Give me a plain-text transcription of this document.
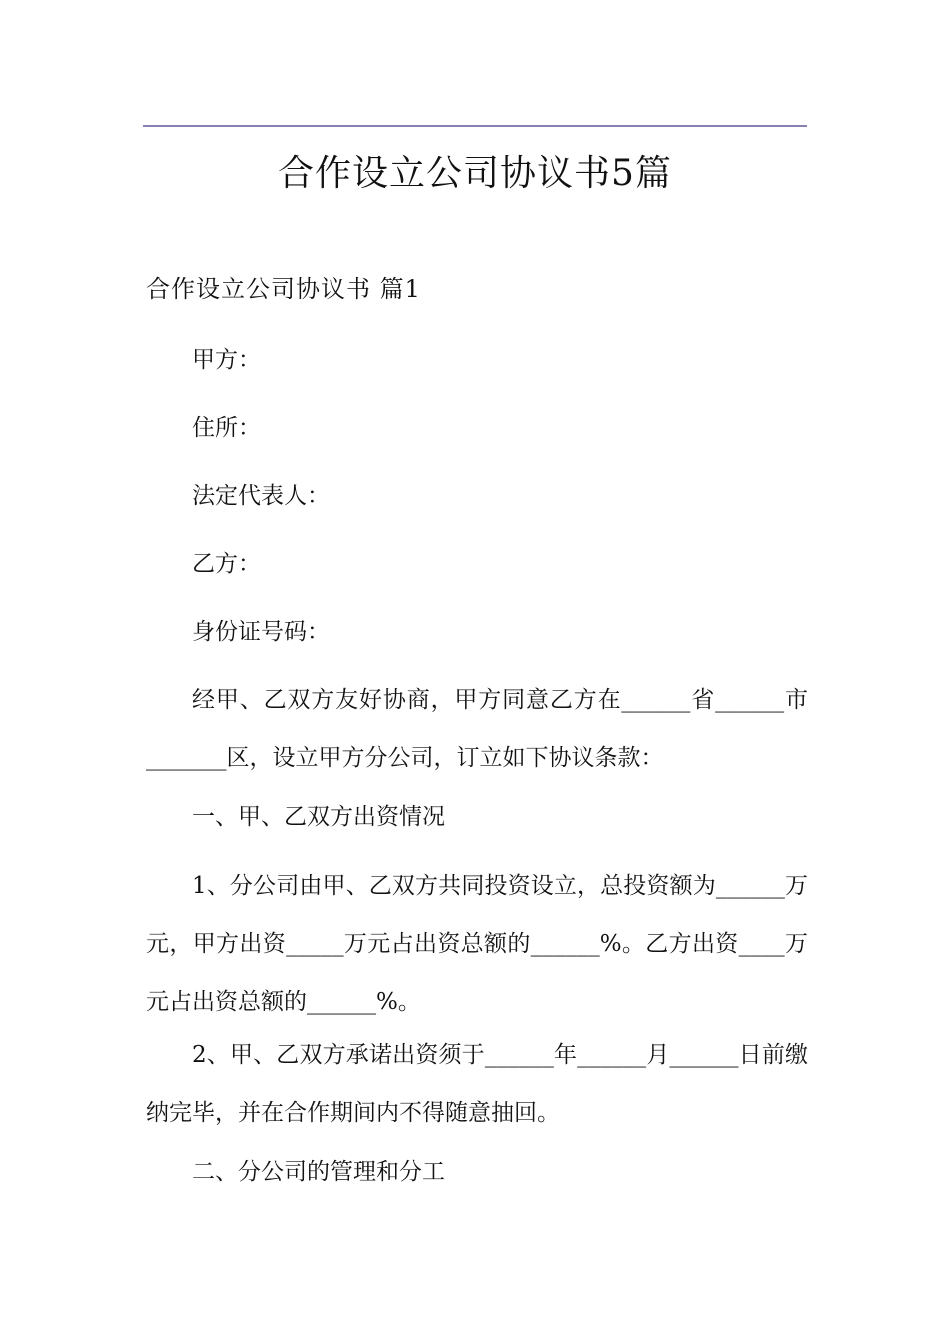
合作设立公司协议书5篇
合作设立公司协议书 篇1

甲方：

住所：

法定代表人：

乙方：

身份证号码：

经甲、乙双方友好协商，甲方同意乙方在______省______市_______区，设立甲方分公司，订立如下协议条款：

一、甲、乙双方出资情况

1、分公司由甲、乙双方共同投资设立，总投资额为______万元，甲方出资_____万元占出资总额的______%。乙方出资____万元占出资总额的______%。

2、甲、乙双方承诺出资须于______年______月______日前缴纳完毕，并在合作期间内不得随意抽回。

二、分公司的管理和分工
